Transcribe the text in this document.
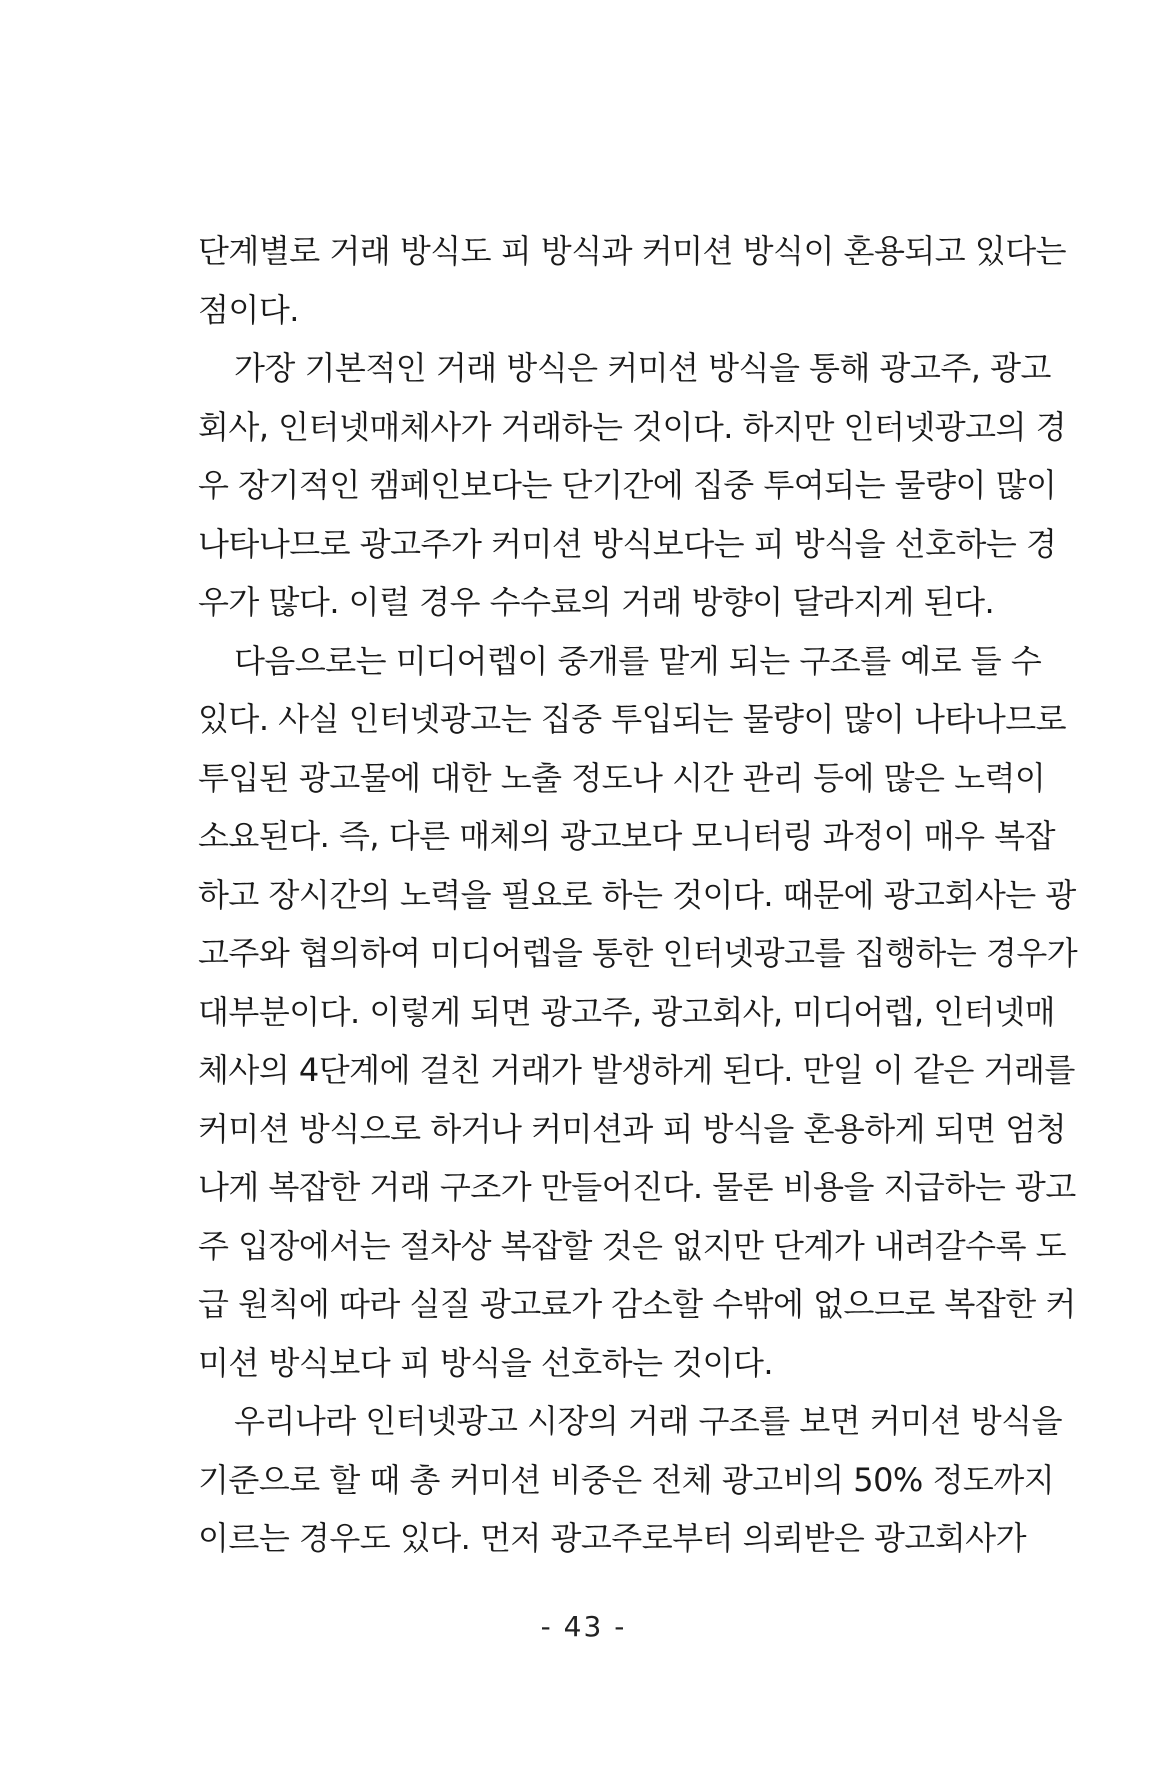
단계별로 거래 방식도 피 방식과 커미션 방식이 혼용되고 있다는
점이다.
가장 기본적인 거래 방식은 커미션 방식을 통해 광고주, 광고
회사, 인터넷매체사가 거래하는 것이다. 하지만 인터넷광고의 경
우 장기적인 캠페인보다는 단기간에 집중 투여되는 물량이 많이
나타나므로 광고주가 커미션 방식보다는 피 방식을 선호하는 경
우가 많다. 이럴 경우 수수료의 거래 방향이 달라지게 된다.
다음으로는 미디어렙이 중개를 맡게 되는 구조를 예로 들 수
있다. 사실 인터넷광고는 집중 투입되는 물량이 많이 나타나므로
투입된 광고물에 대한 노출 정도나 시간 관리 등에 많은 노력이
소요된다. 즉, 다른 매체의 광고보다 모니터링 과정이 매우 복잡
하고 장시간의 노력을 필요로 하는 것이다. 때문에 광고회사는 광
고주와 협의하여 미디어렙을 통한 인터넷광고를 집행하는 경우가
대부분이다. 이렇게 되면 광고주, 광고회사, 미디어렙, 인터넷매
체사의 4단계에 걸친 거래가 발생하게 된다. 만일 이 같은 거래를
커미션 방식으로 하거나 커미션과 피 방식을 혼용하게 되면 엄청
나게 복잡한 거래 구조가 만들어진다. 물론 비용을 지급하는 광고
주 입장에서는 절차상 복잡할 것은 없지만 단계가 내려갈수록 도
급 원칙에 따라 실질 광고료가 감소할 수밖에 없으므로 복잡한 커
미션 방식보다 피 방식을 선호하는 것이다.
우리나라 인터넷광고 시장의 거래 구조를 보면 커미션 방식을
기준으로 할 때 총 커미션 비중은 전체 광고비의 50% 정도까지
이르는 경우도 있다. 먼저 광고주로부터 의뢰받은 광고회사가
- 43 -
